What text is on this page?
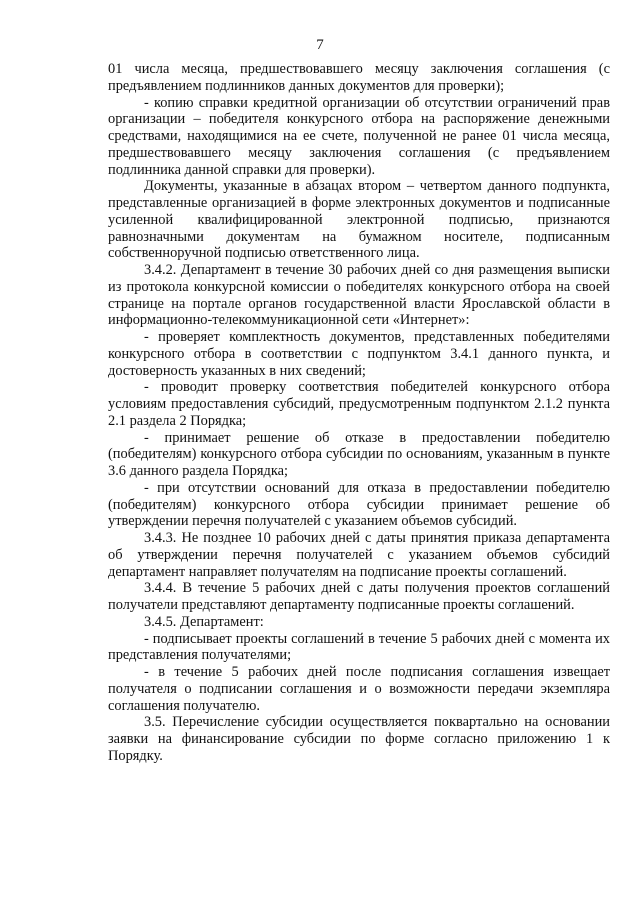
7

01 числа месяца, предшествовавшего месяцу заключения соглашения (с предъявлением подлинников данных документов для проверки);

- копию справки кредитной организации об отсутствии ограничений прав организации – победителя конкурсного отбора на распоряжение денежными средствами, находящимися на ее счете, полученной не ранее 01 числа месяца, предшествовавшего месяцу заключения соглашения (с предъявлением подлинника данной справки для проверки).

Документы, указанные в абзацах втором – четвертом данного подпункта, представленные организацией в форме электронных документов и подписанные усиленной квалифицированной электронной подписью, признаются равнозначными документам на бумажном носителе, подписанным собственноручной подписью ответственного лица.

3.4.2. Департамент в течение 30 рабочих дней со дня размещения выписки из протокола конкурсной комиссии о победителях конкурсного отбора на своей странице на портале органов государственной власти Ярославской области в информационно-телекоммуникационной сети «Интернет»:

- проверяет комплектность документов, представленных победителями конкурсного отбора в соответствии с подпунктом 3.4.1 данного пункта, и достоверность указанных в них сведений;

- проводит проверку соответствия победителей конкурсного отбора условиям предоставления субсидий, предусмотренным подпунктом 2.1.2 пункта 2.1 раздела 2 Порядка;

- принимает решение об отказе в предоставлении победителю (победителям) конкурсного отбора субсидии по основаниям, указанным в пункте 3.6 данного раздела Порядка;

- при отсутствии оснований для отказа в предоставлении победителю (победителям) конкурсного отбора субсидии принимает решение об утверждении перечня получателей с указанием объемов субсидий.

3.4.3. Не позднее 10 рабочих дней с даты принятия приказа департамента об утверждении перечня получателей с указанием объемов субсидий департамент направляет получателям на подписание проекты соглашений.

3.4.4. В течение 5 рабочих дней с даты получения проектов соглашений получатели представляют департаменту подписанные проекты соглашений.

3.4.5. Департамент:

- подписывает проекты соглашений в течение 5 рабочих дней с момента их представления получателями;

- в течение 5 рабочих дней после подписания соглашения извещает получателя о подписании соглашения и о возможности передачи экземпляра соглашения получателю.

3.5. Перечисление субсидии осуществляется поквартально на основании заявки на финансирование субсидии по форме согласно приложению 1 к Порядку.
